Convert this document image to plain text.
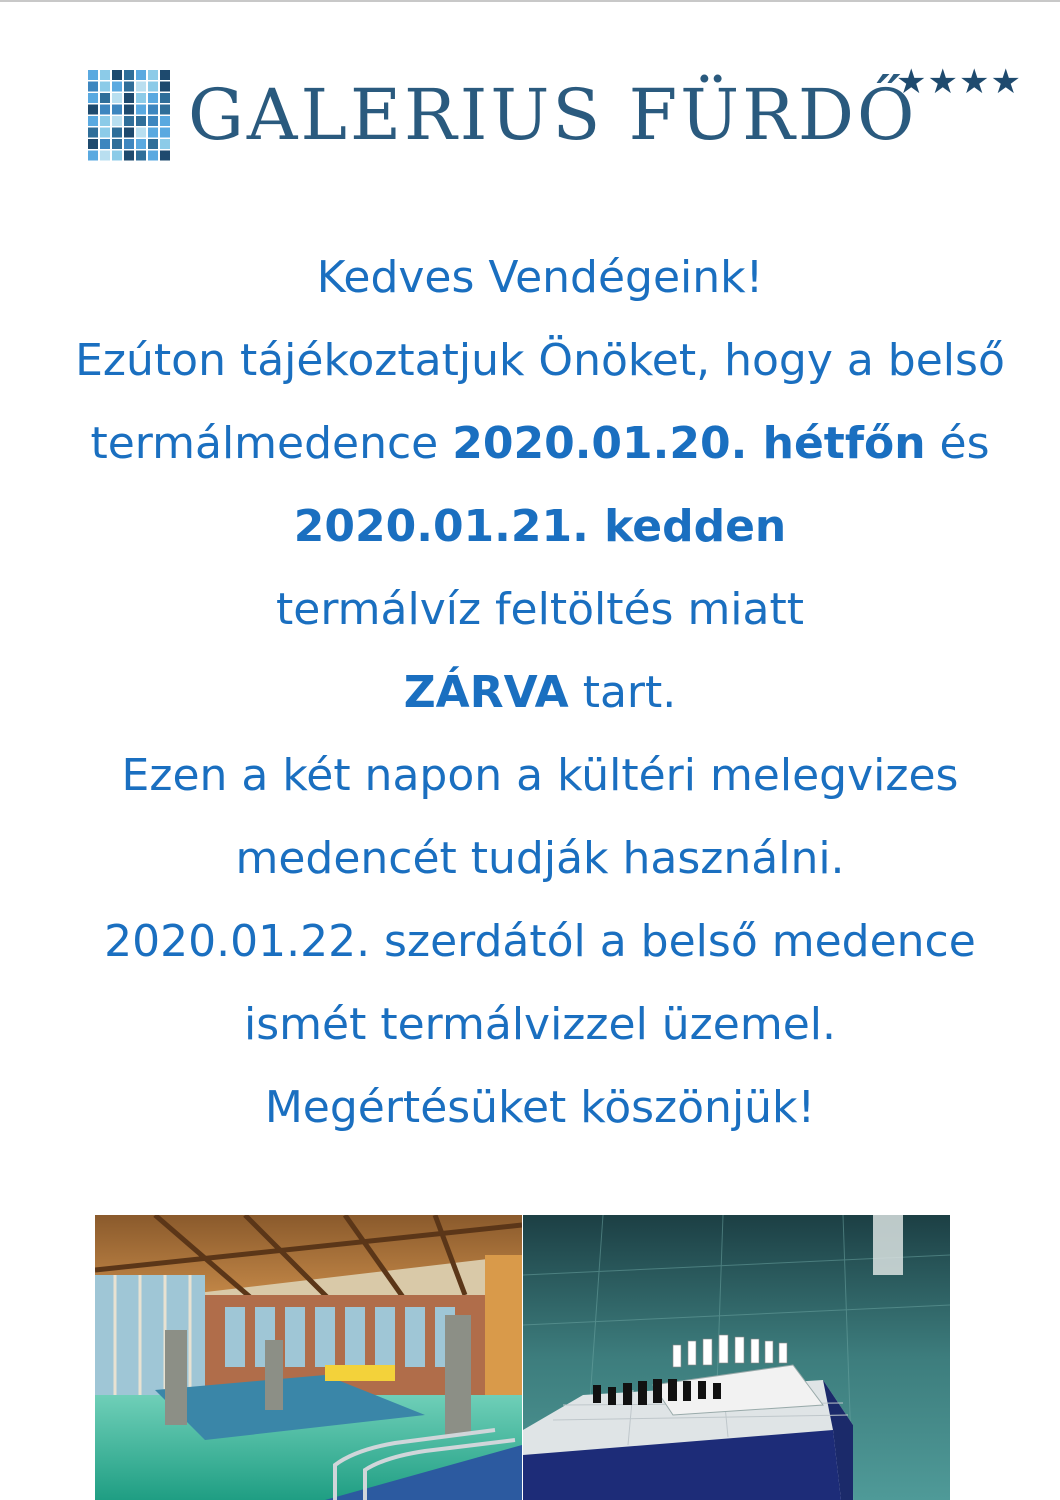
GALERIUS FÜRDŐ
★★★★
Kedves Vendégeink!
Ezúton tájékoztatjuk Önöket, hogy a belső
termálmedence 2020.01.20. hétfőn és
2020.01.21. kedden
termálvíz feltöltés miatt
ZÁRVA tart.
Ezen a két napon a kültéri melegvizes
medencét tudják használni.
2020.01.22. szerdától a belső medence
ismét termálvizzel üzemel.
Megértésüket köszönjük!
